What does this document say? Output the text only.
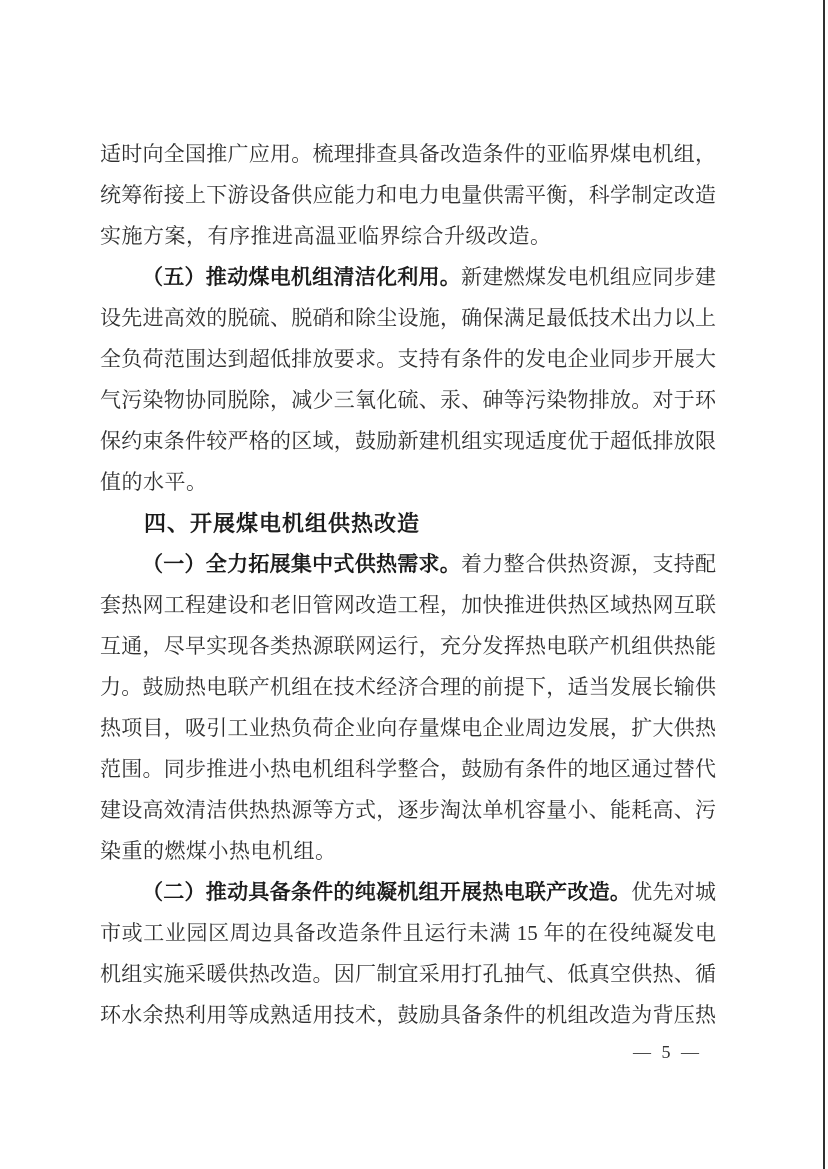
适时向全国推广应用。梳理排查具备改造条件的亚临界煤电机组，
统筹衔接上下游设备供应能力和电力电量供需平衡，科学制定改造
实施方案，有序推进高温亚临界综合升级改造。
（五）推动煤电机组清洁化利用。新建燃煤发电机组应同步建
设先进高效的脱硫、脱硝和除尘设施，确保满足最低技术出力以上
全负荷范围达到超低排放要求。支持有条件的发电企业同步开展大
气污染物协同脱除，减少三氧化硫、汞、砷等污染物排放。对于环
保约束条件较严格的区域，鼓励新建机组实现适度优于超低排放限
值的水平。
四、开展煤电机组供热改造
（一）全力拓展集中式供热需求。着力整合供热资源，支持配
套热网工程建设和老旧管网改造工程，加快推进供热区域热网互联
互通，尽早实现各类热源联网运行，充分发挥热电联产机组供热能
力。鼓励热电联产机组在技术经济合理的前提下，适当发展长输供
热项目，吸引工业热负荷企业向存量煤电企业周边发展，扩大供热
范围。同步推进小热电机组科学整合，鼓励有条件的地区通过替代
建设高效清洁供热热源等方式，逐步淘汰单机容量小、能耗高、污
染重的燃煤小热电机组。
（二）推动具备条件的纯凝机组开展热电联产改造。优先对城
市或工业园区周边具备改造条件且运行未满 15 年的在役纯凝发电
机组实施采暖供热改造。因厂制宜采用打孔抽气、低真空供热、循
环水余热利用等成熟适用技术，鼓励具备条件的机组改造为背压热
— 5 —
